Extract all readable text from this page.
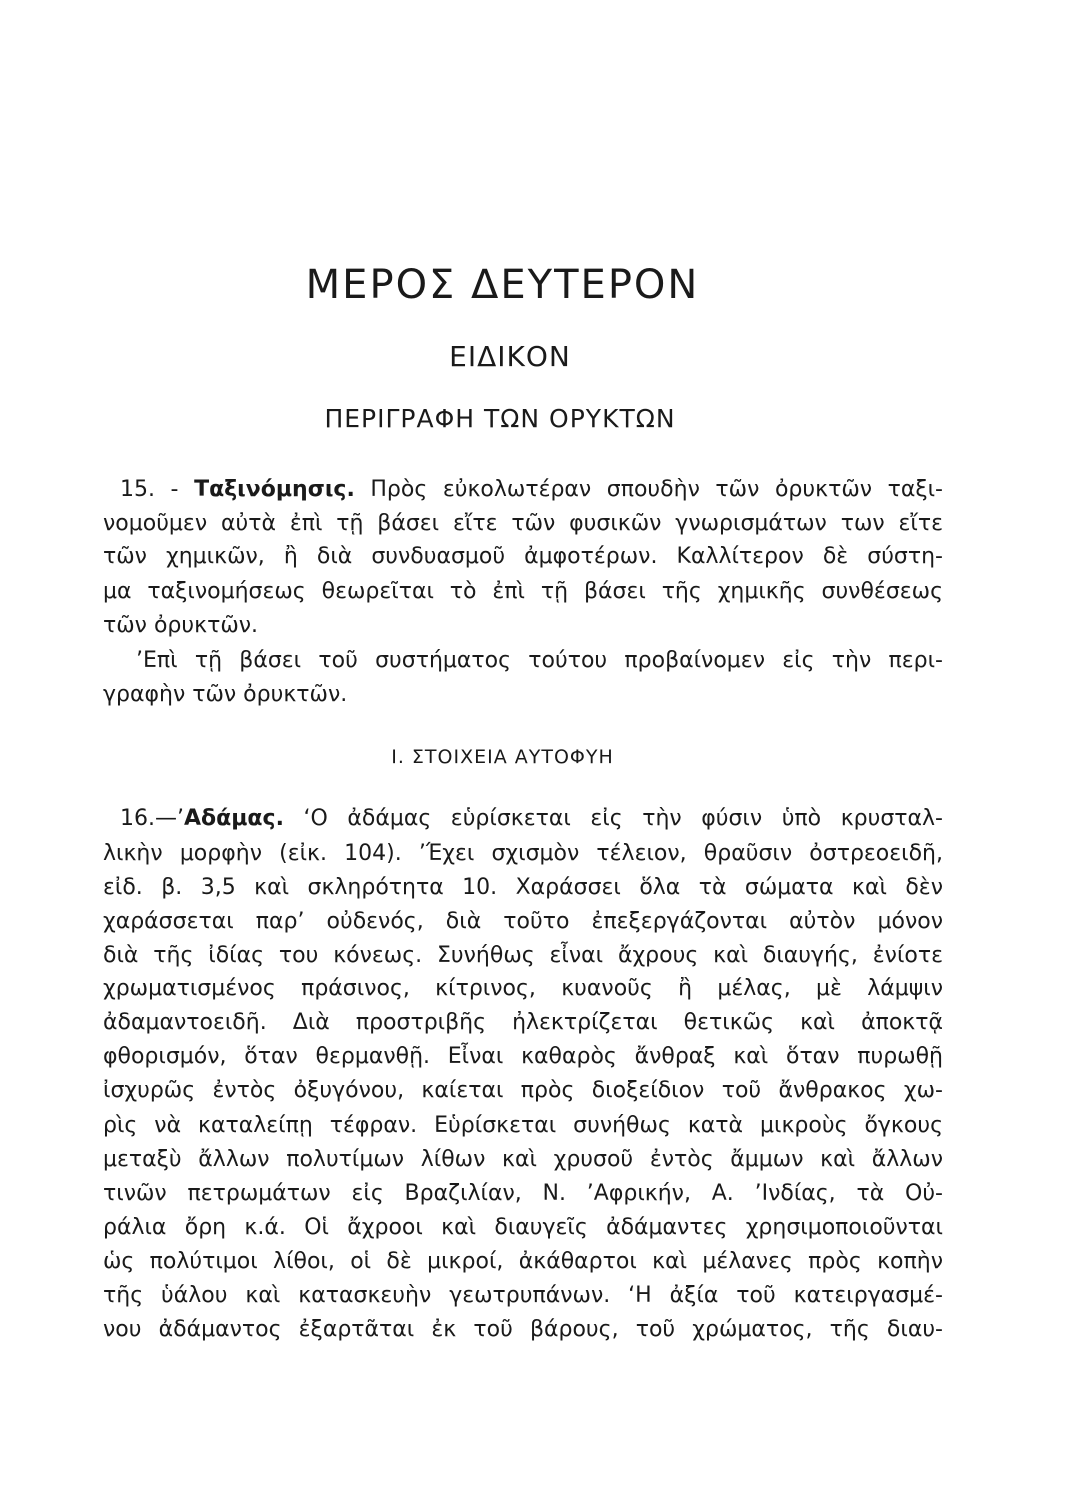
ΜΕΡΟΣ ΔΕΥΤΕΡΟΝ
ΕΙΔΙΚΟΝ
ΠΕΡΙΓΡΑΦΗ ΤΩΝ ΟΡΥΚΤΩΝ
15. - Ταξινόμησις. Πρὸς εὐκολωτέραν σπουδὴν τῶν ὀρυκτῶν ταξι-
νομοῦμεν αὐτὰ ἐπὶ τῇ βάσει εἴτε τῶν φυσικῶν γνωρισμάτων των εἴτε
τῶν χημικῶν, ἢ διὰ συνδυασμοῦ ἀμφοτέρων. Καλλίτερον δὲ σύστη-
μα ταξινομήσεως θεωρεῖται τὸ ἐπὶ τῇ βάσει τῆς χημικῆς συνθέσεως
τῶν ὀρυκτῶν.
’Επὶ τῇ βάσει τοῦ συστήματος τούτου προβαίνομεν εἰς τὴν περι-
γραφὴν τῶν ὀρυκτῶν.
Ι. ΣΤΟΙΧΕΙΑ ΑΥΤΟΦΥΗ
16.—’Αδάμας. ‘Ο ἀδάμας εὑρίσκεται εἰς τὴν φύσιν ὑπὸ κρυσταλ-
λικὴν μορφὴν (εἰκ. 104). ’Έχει σχισμὸν τέλειον, θραῦσιν ὀστρεοειδῆ,
εἰδ. β. 3,5 καὶ σκληρότητα 10. Χαράσσει ὅλα τὰ σώματα καὶ δὲν
χαράσσεται παρ’ οὐδενός, διὰ τοῦτο ἐπεξεργάζονται αὐτὸν μόνον
διὰ τῆς ἰδίας του κόνεως. Συνήθως εἶναι ἄχρους καὶ διαυγής, ἐνίοτε
χρωματισμένος πράσινος, κίτρινος, κυανοῦς ἢ μέλας, μὲ λάμψιν
ἀδαμαντοειδῆ. Διὰ προστριβῆς ἠλεκτρίζεται θετικῶς καὶ ἀποκτᾷ
φθορισμόν, ὅταν θερμανθῇ. Εἶναι καθαρὸς ἄνθραξ καὶ ὅταν πυρωθῇ
ἰσχυρῶς ἐντὸς ὀξυγόνου, καίεται πρὸς διοξείδιον τοῦ ἄνθρακος χω-
ρὶς νὰ καταλείπῃ τέφραν. Εὑρίσκεται συνήθως κατὰ μικροὺς ὄγκους
μεταξὺ ἄλλων πολυτίμων λίθων καὶ χρυσοῦ ἐντὸς ἄμμων καὶ ἄλλων
τινῶν πετρωμάτων εἰς Βραζιλίαν, Ν. ’Αφρικήν, Α. ’Ινδίας, τὰ Οὐ-
ράλια ὄρη κ.ά. Οἱ ἄχροοι καὶ διαυγεῖς ἀδάμαντες χρησιμοποιοῦνται
ὡς πολύτιμοι λίθοι, οἱ δὲ μικροί, ἀκάθαρτοι καὶ μέλανες πρὸς κοπὴν
τῆς ὑάλου καὶ κατασκευὴν γεωτρυπάνων. ‘Η ἀξία τοῦ κατειργασμέ-
νου ἀδάμαντος ἐξαρτᾶται ἐκ τοῦ βάρους, τοῦ χρώματος, τῆς διαυ-
